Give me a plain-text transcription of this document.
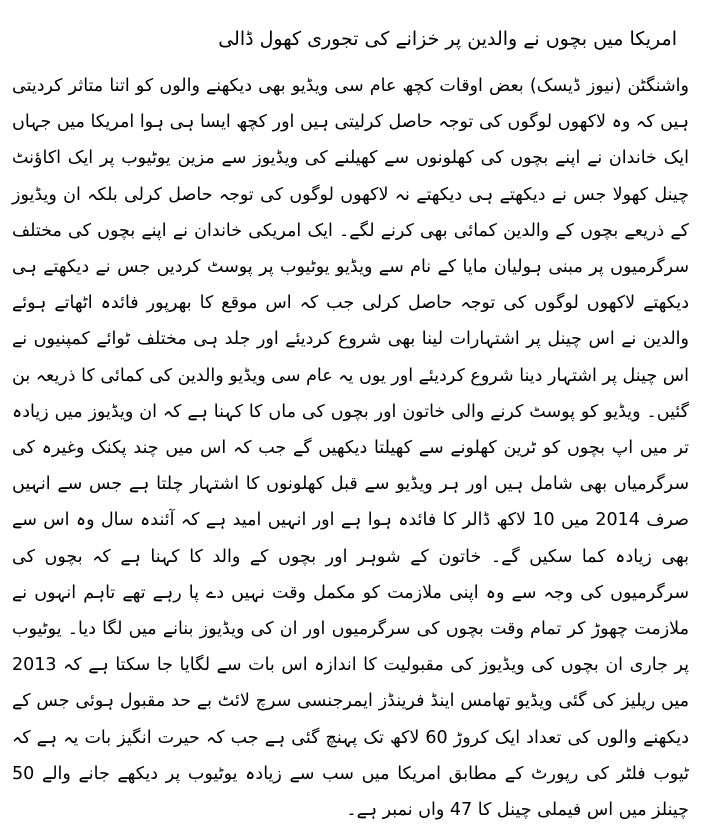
امریکا میں بچوں نے والدین پر خزانے کی تجوری کھول ڈالی

واشنگٹن (نیوز ڈیسک) بعض اوقات کچھ عام سی ویڈیو بھی دیکھنے والوں کو اتنا متاثر کردیتی ہیں کہ وہ لاکھوں لوگوں کی توجہ حاصل کرلیتی ہیں اور کچھ ایسا ہی ہوا امریکا میں جہاں ایک خاندان نے اپنے بچوں کی کھلونوں سے کھیلنے کی ویڈیوز سے مزین یوٹیوب پر ایک اکاؤنٹ چینل کھولا جس نے دیکھتے ہی دیکھتے نہ لاکھوں لوگوں کی توجہ حاصل کرلی بلکہ ان ویڈیوز کے ذریعے بچوں کے والدین کمائی بھی کرنے لگے۔ ایک امریکی خاندان نے اپنے بچوں کی مختلف سرگرمیوں پر مبنی ہولیان مایا کے نام سے ویڈیو یوٹیوب پر پوسٹ کردیں جس نے دیکھتے ہی دیکھتے لاکھوں لوگوں کی توجہ حاصل کرلی جب کہ اس موقع کا بھرپور فائدہ اٹھاتے ہوئے والدین نے اس چینل پر اشتہارات لینا بھی شروع کردیئے اور جلد ہی مختلف ٹوائے کمپنیوں نے اس چینل پر اشتہار دینا شروع کردیئے اور یوں یہ عام سی ویڈیو والدین کی کمائی کا ذریعہ بن گئیں۔ ویڈیو کو پوسٹ کرنے والی خاتون اور بچوں کی ماں کا کہنا ہے کہ ان ویڈیوز میں زیادہ تر میں اپ بچوں کو ٹرین کھلونے سے کھیلتا دیکھیں گے جب کہ اس میں چند پکنک وغیرہ کی سرگرمیاں بھی شامل ہیں اور ہر ویڈیو سے قبل کھلونوں کا اشتہار چلتا ہے جس سے انہیں صرف 2014 میں 10 لاکھ ڈالر کا فائدہ ہوا ہے اور انہیں امید ہے کہ آئندہ سال وہ اس سے بھی زیادہ کما سکیں گے۔ خاتون کے شوہر اور بچوں کے والد کا کہنا ہے کہ بچوں کی سرگرمیوں کی وجہ سے وہ اپنی ملازمت کو مکمل وقت نہیں دے پا رہے تھے تاہم انہوں نے ملازمت چھوڑ کر تمام وقت بچوں کی سرگرمیوں اور ان کی ویڈیوز بنانے میں لگا دیا۔ یوٹیوب پر جاری ان بچوں کی ویڈیوز کی مقبولیت کا اندازہ اس بات سے لگایا جا سکتا ہے کہ 2013 میں ریلیز کی گئی ویڈیو تھامس اینڈ فرینڈز ایمرجنسی سرچ لائٹ بے حد مقبول ہوئی جس کے دیکھنے والوں کی تعداد ایک کروڑ 60 لاکھ تک پہنچ گئی ہے جب کہ حیرت انگیز بات یہ ہے کہ ٹیوب فلٹر کی رپورٹ کے مطابق امریکا میں سب سے زیادہ یوٹیوب پر دیکھے جانے والے 50 چینلز میں اس فیملی چینل کا 47 واں نمبر ہے۔
